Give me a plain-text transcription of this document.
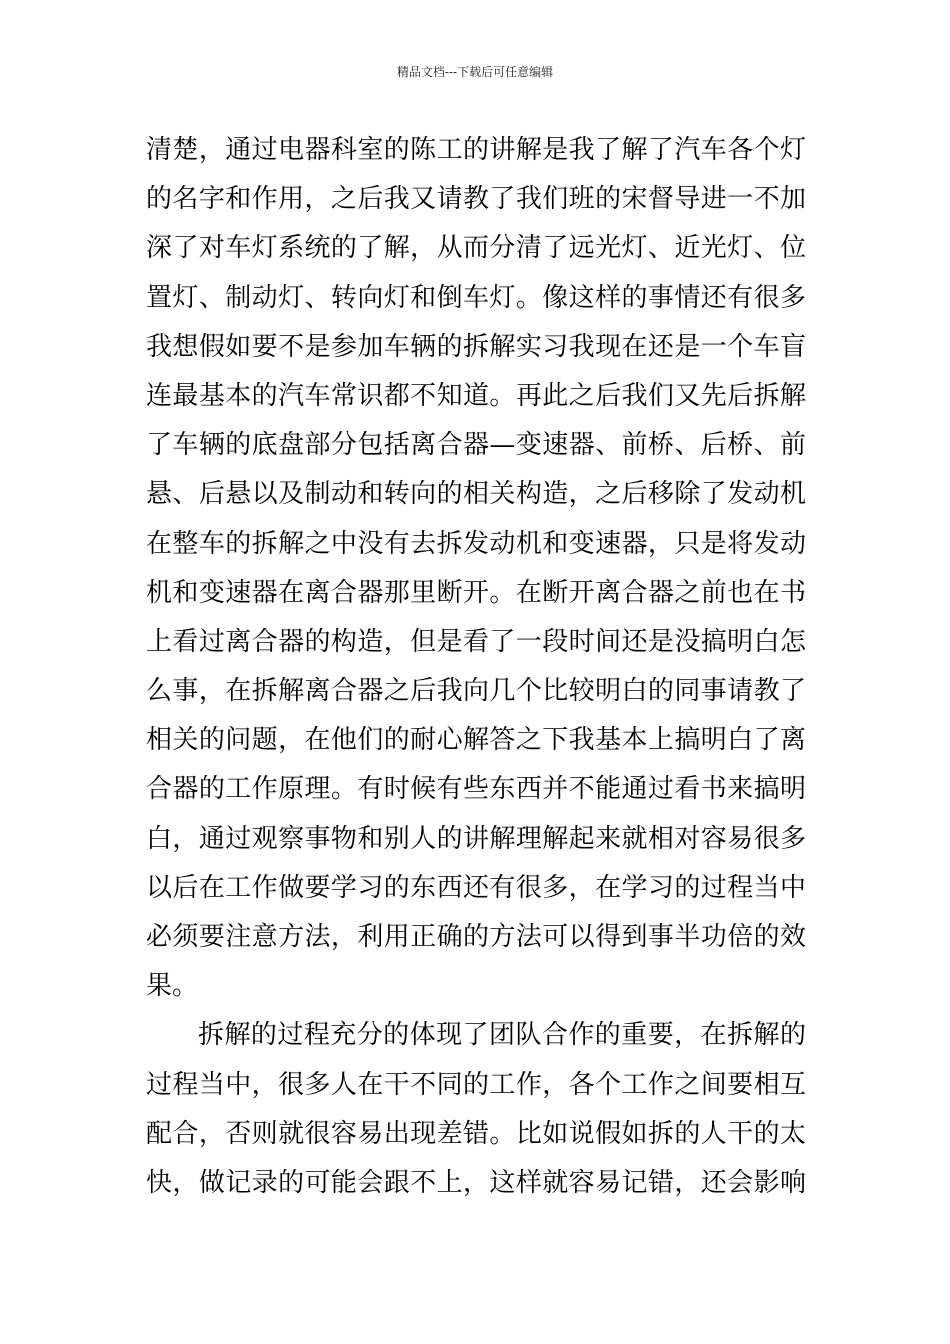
精品文档---下载后可任意编辑
清楚，通过电器科室的陈工的讲解是我了解了汽车各个灯
的名字和作用，之后我又请教了我们班的宋督导进一不加
深了对车灯系统的了解，从而分清了远光灯、近光灯、位
置灯、制动灯、转向灯和倒车灯。像这样的事情还有很多
我想假如要不是参加车辆的拆解实习我现在还是一个车盲
连最基本的汽车常识都不知道。再此之后我们又先后拆解
了车辆的底盘部分包括离合器—变速器、前桥、后桥、前
悬、后悬以及制动和转向的相关构造，之后移除了发动机
在整车的拆解之中没有去拆发动机和变速器，只是将发动
机和变速器在离合器那里断开。在断开离合器之前也在书
上看过离合器的构造，但是看了一段时间还是没搞明白怎
么事，在拆解离合器之后我向几个比较明白的同事请教了
相关的问题，在他们的耐心解答之下我基本上搞明白了离
合器的工作原理。有时候有些东西并不能通过看书来搞明
白，通过观察事物和别人的讲解理解起来就相对容易很多
以后在工作做要学习的东西还有很多，在学习的过程当中
必须要注意方法，利用正确的方法可以得到事半功倍的效
果。
拆解的过程充分的体现了团队合作的重要，在拆解的
过程当中，很多人在干不同的工作，各个工作之间要相互
配合，否则就很容易出现差错。比如说假如拆的人干的太
快，做记录的可能会跟不上，这样就容易记错，还会影响
